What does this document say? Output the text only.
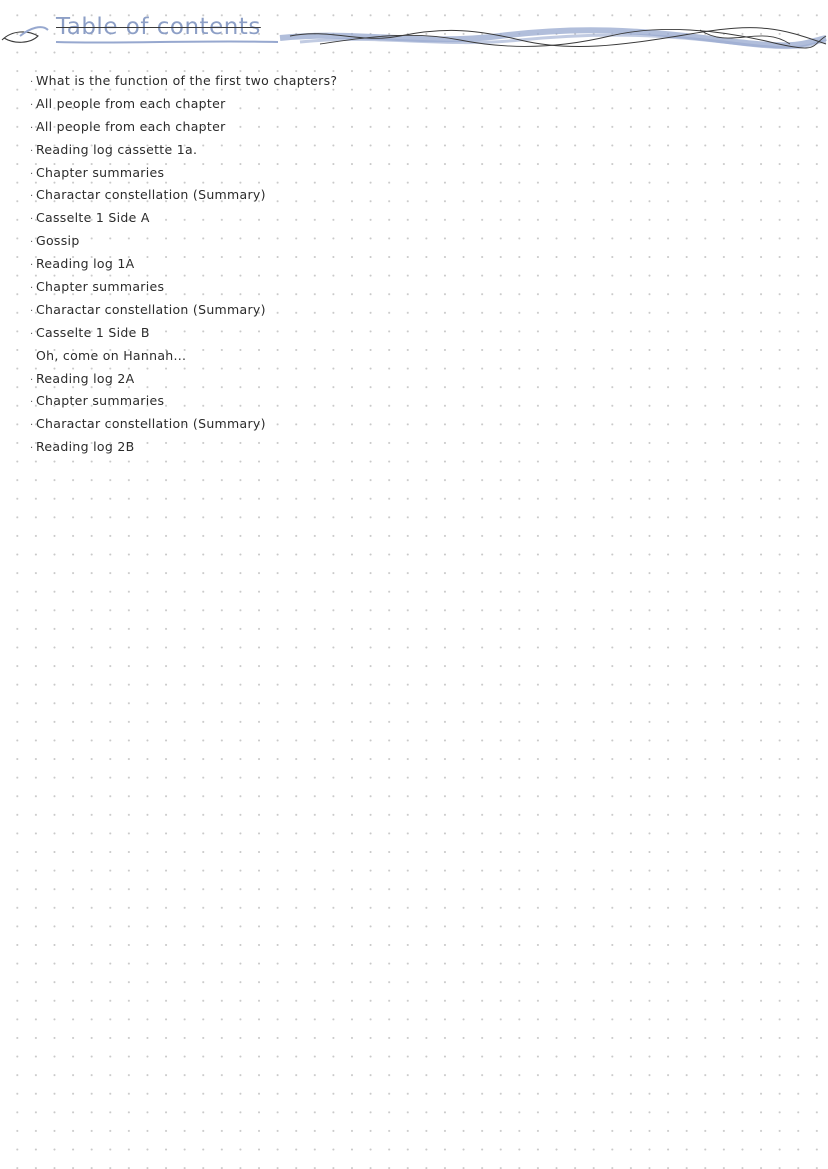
Table of contents
· What is the function of the first two chapters?
· All people from each chapter
· All people from each chapter
· Reading log cassette 1a.
· Chapter summaries
· Charactar constellation (Summary)
· Casselte 1 Side A
· Gossip
· Reading log 1A
· Chapter summaries
· Charactar constellation (Summary)
· Casselte 1 Side B
Oh, come on Hannah...
· Reading log 2A
· Chapter summaries
· Charactar constellation (Summary)
· Reading log 2B
